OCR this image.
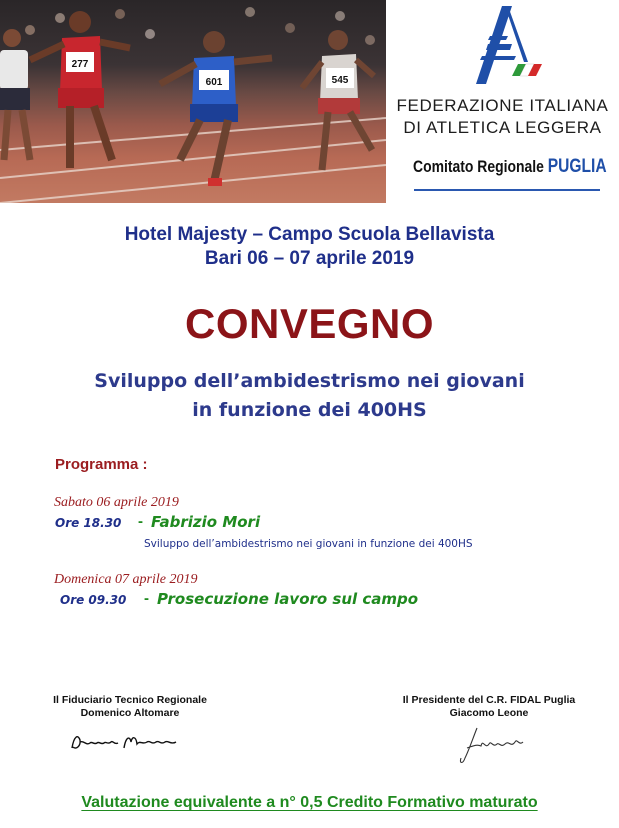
277
601	545
FEDERAZIONE ITALIANA
DI ATLETICA LEGGERA
Comitato Regionale PUGLIA
Hotel Majesty – Campo Scuola Bellavista
Bari 06 – 07 aprile 2019
CONVEGNO
Sviluppo dell’ambidestrismo nei giovani
in funzione dei 400HS
Programma :
Sabato 06 aprile 2019
Ore 18.30 - Fabrizio Mori
Sviluppo dell’ambidestrismo nei giovani in funzione dei 400HS
Domenica 07 aprile 2019
Ore 09.30 - Prosecuzione lavoro sul campo
Il Fiduciario Tecnico Regionale
Domenico Altomare
Il Presidente del C.R. FIDAL Puglia
Giacomo Leone
Valutazione equivalente a n° 0,5 Credito Formativo maturato
